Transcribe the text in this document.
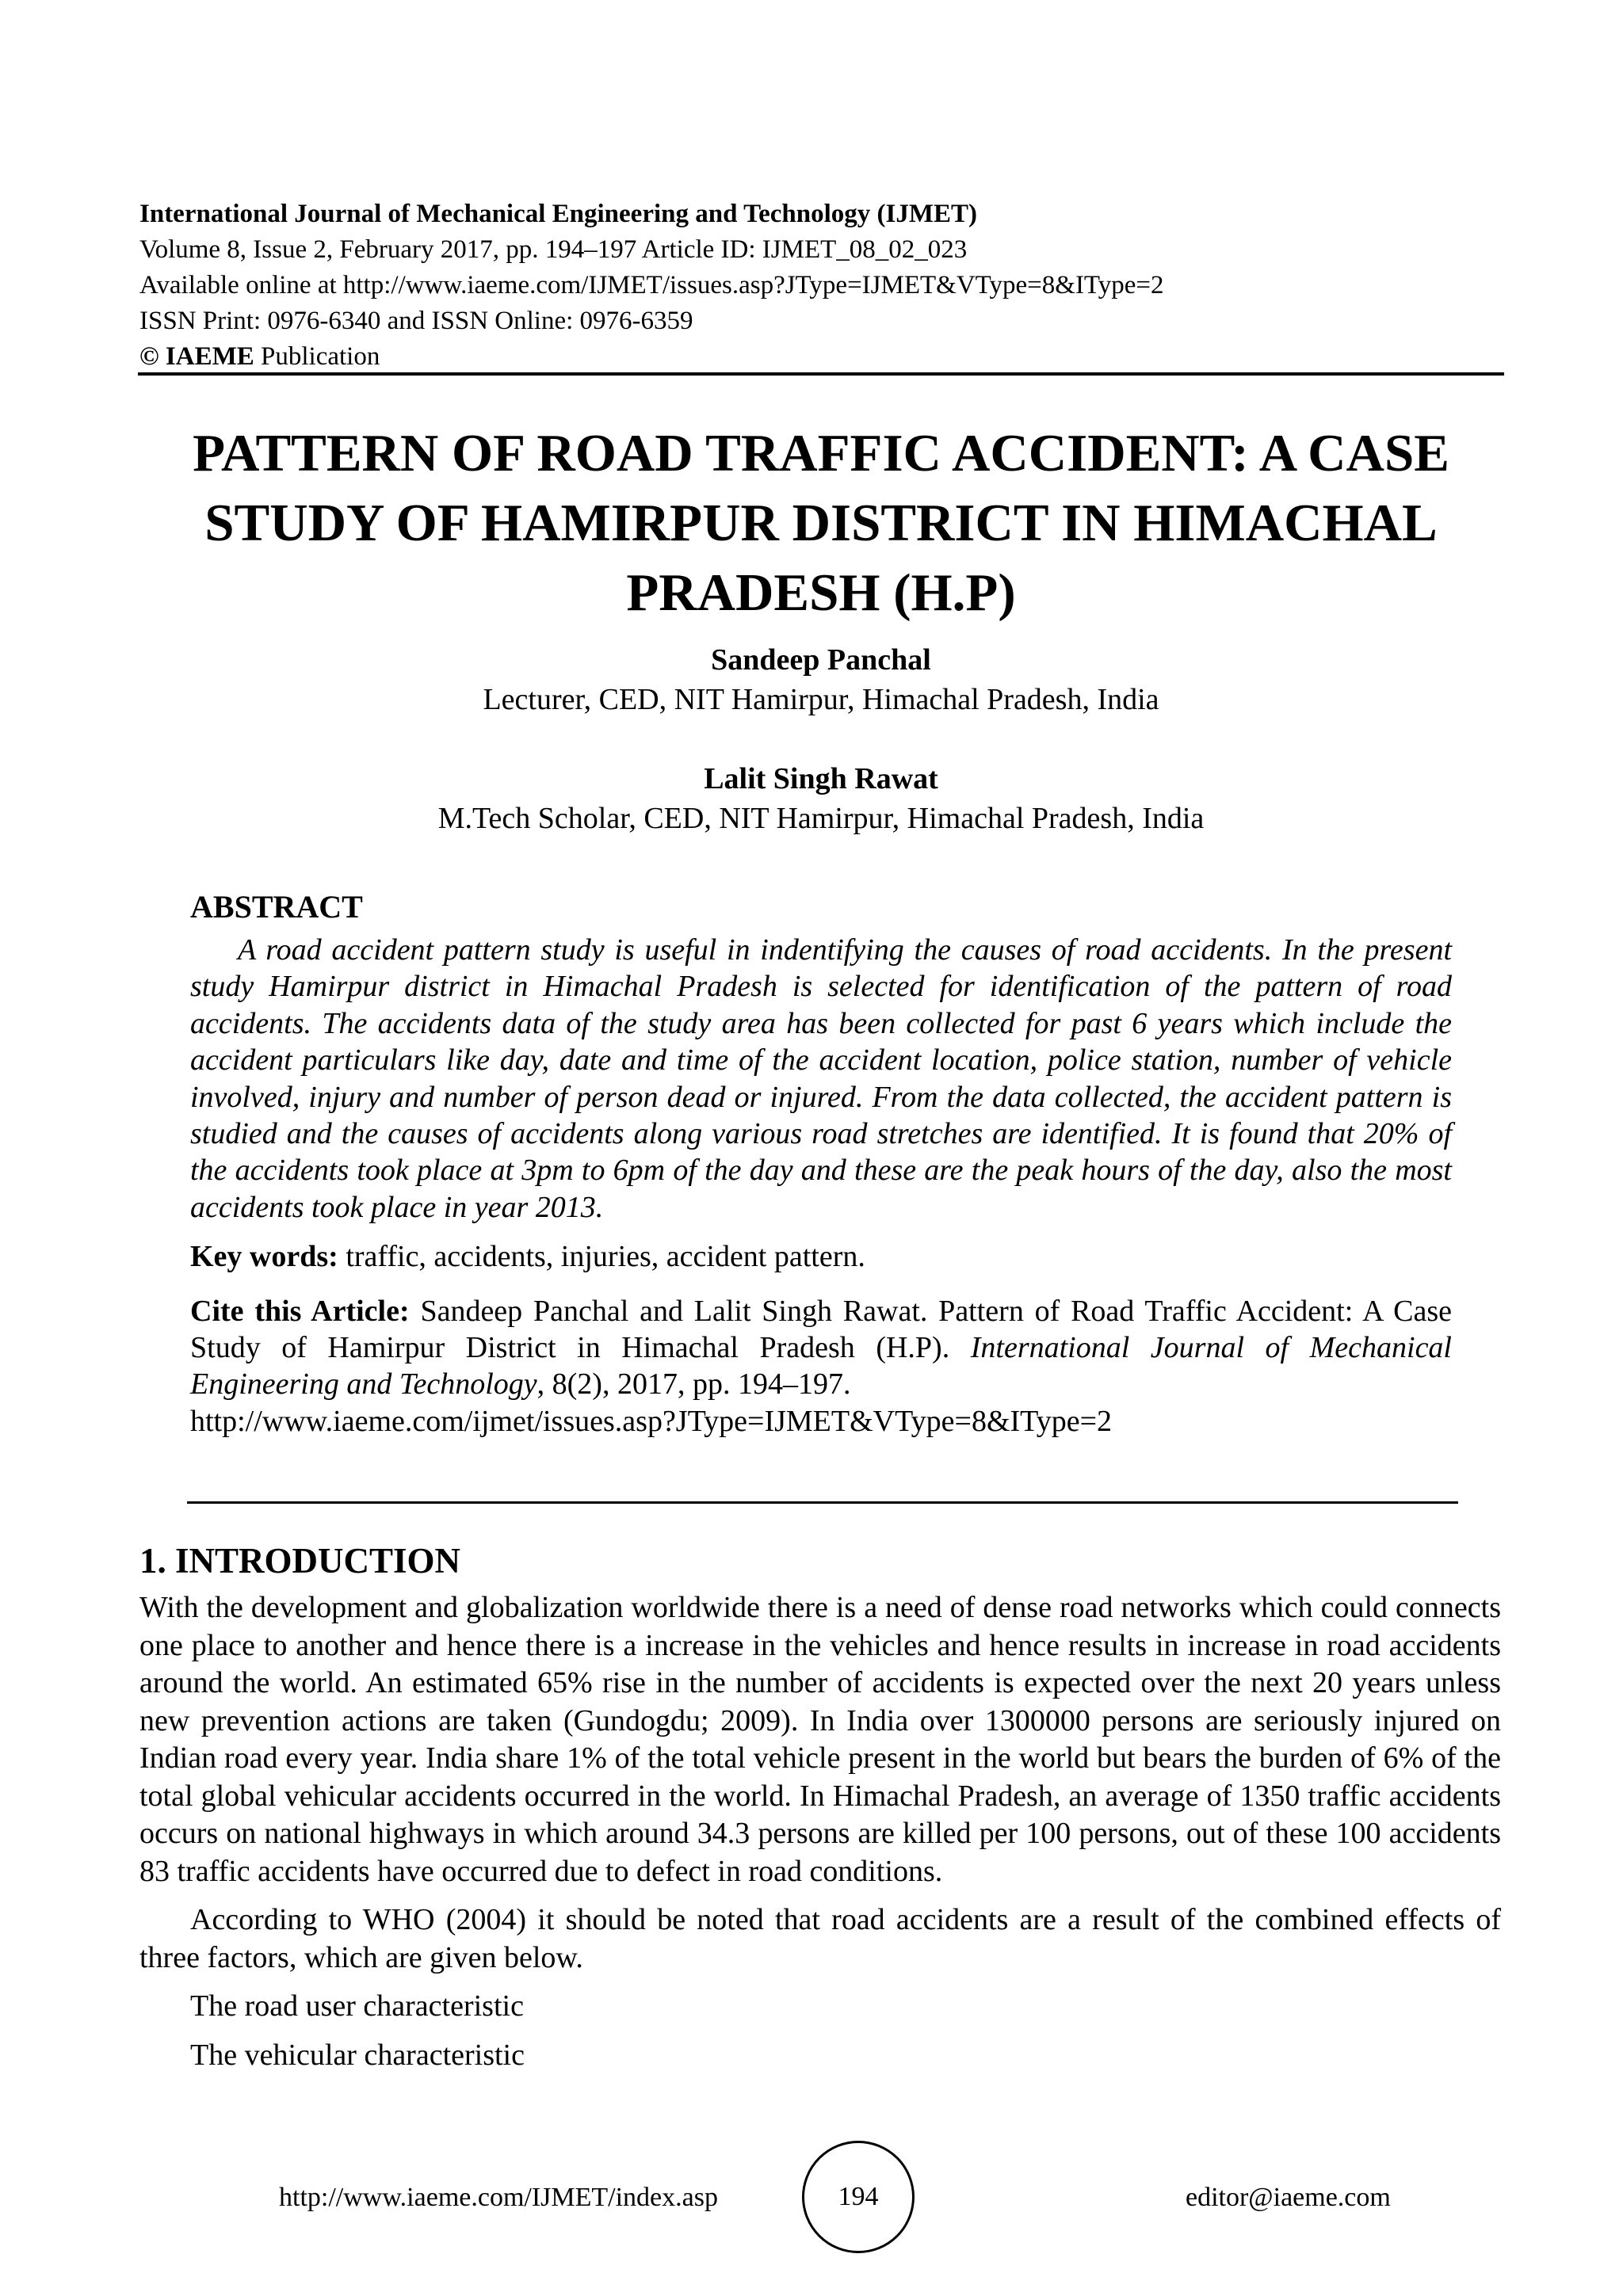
International Journal of Mechanical Engineering and Technology (IJMET)
Volume 8, Issue 2, February 2017, pp. 194–197 Article ID: IJMET_08_02_023
Available online at http://www.iaeme.com/IJMET/issues.asp?JType=IJMET&VType=8&IType=2
ISSN Print: 0976-6340 and ISSN Online: 0976-6359
© IAEME Publication
PATTERN OF ROAD TRAFFIC ACCIDENT: A CASE STUDY OF HAMIRPUR DISTRICT IN HIMACHAL PRADESH (H.P)
Sandeep Panchal
Lecturer, CED, NIT Hamirpur, Himachal Pradesh, India
Lalit Singh Rawat
M.Tech Scholar, CED, NIT Hamirpur, Himachal Pradesh, India
ABSTRACT

A road accident pattern study is useful in indentifying the causes of road accidents. In the present study Hamirpur district in Himachal Pradesh is selected for identification of the pattern of road accidents. The accidents data of the study area has been collected for past 6 years which include the accident particulars like day, date and time of the accident location, police station, number of vehicle involved, injury and number of person dead or injured. From the data collected, the accident pattern is studied and the causes of accidents along various road stretches are identified. It is found that 20% of the accidents took place at 3pm to 6pm of the day and these are the peak hours of the day, also the most accidents took place in year 2013.

Key words: traffic, accidents, injuries, accident pattern.

Cite this Article: Sandeep Panchal and Lalit Singh Rawat. Pattern of Road Traffic Accident: A Case Study of Hamirpur District in Himachal Pradesh (H.P). International Journal of Mechanical Engineering and Technology, 8(2), 2017, pp. 194–197.
http://www.iaeme.com/ijmet/issues.asp?JType=IJMET&VType=8&IType=2

1. INTRODUCTION

With the development and globalization worldwide there is a need of dense road networks which could connects one place to another and hence there is a increase in the vehicles and hence results in increase in road accidents around the world. An estimated 65% rise in the number of accidents is expected over the next 20 years unless new prevention actions are taken (Gundogdu; 2009). In India over 1300000 persons are seriously injured on Indian road every year. India share 1% of the total vehicle present in the world but bears the burden of 6% of the total global vehicular accidents occurred in the world. In Himachal Pradesh, an average of 1350 traffic accidents occurs on national highways in which around 34.3 persons are killed per 100 persons, out of these 100 accidents 83 traffic accidents have occurred due to defect in road conditions.

According to WHO (2004) it should be noted that road accidents are a result of the combined effects of three factors, which are given below.

The road user characteristic

The vehicular characteristic

http://www.iaeme.com/IJMET/index.asp	194	editor@iaeme.com
